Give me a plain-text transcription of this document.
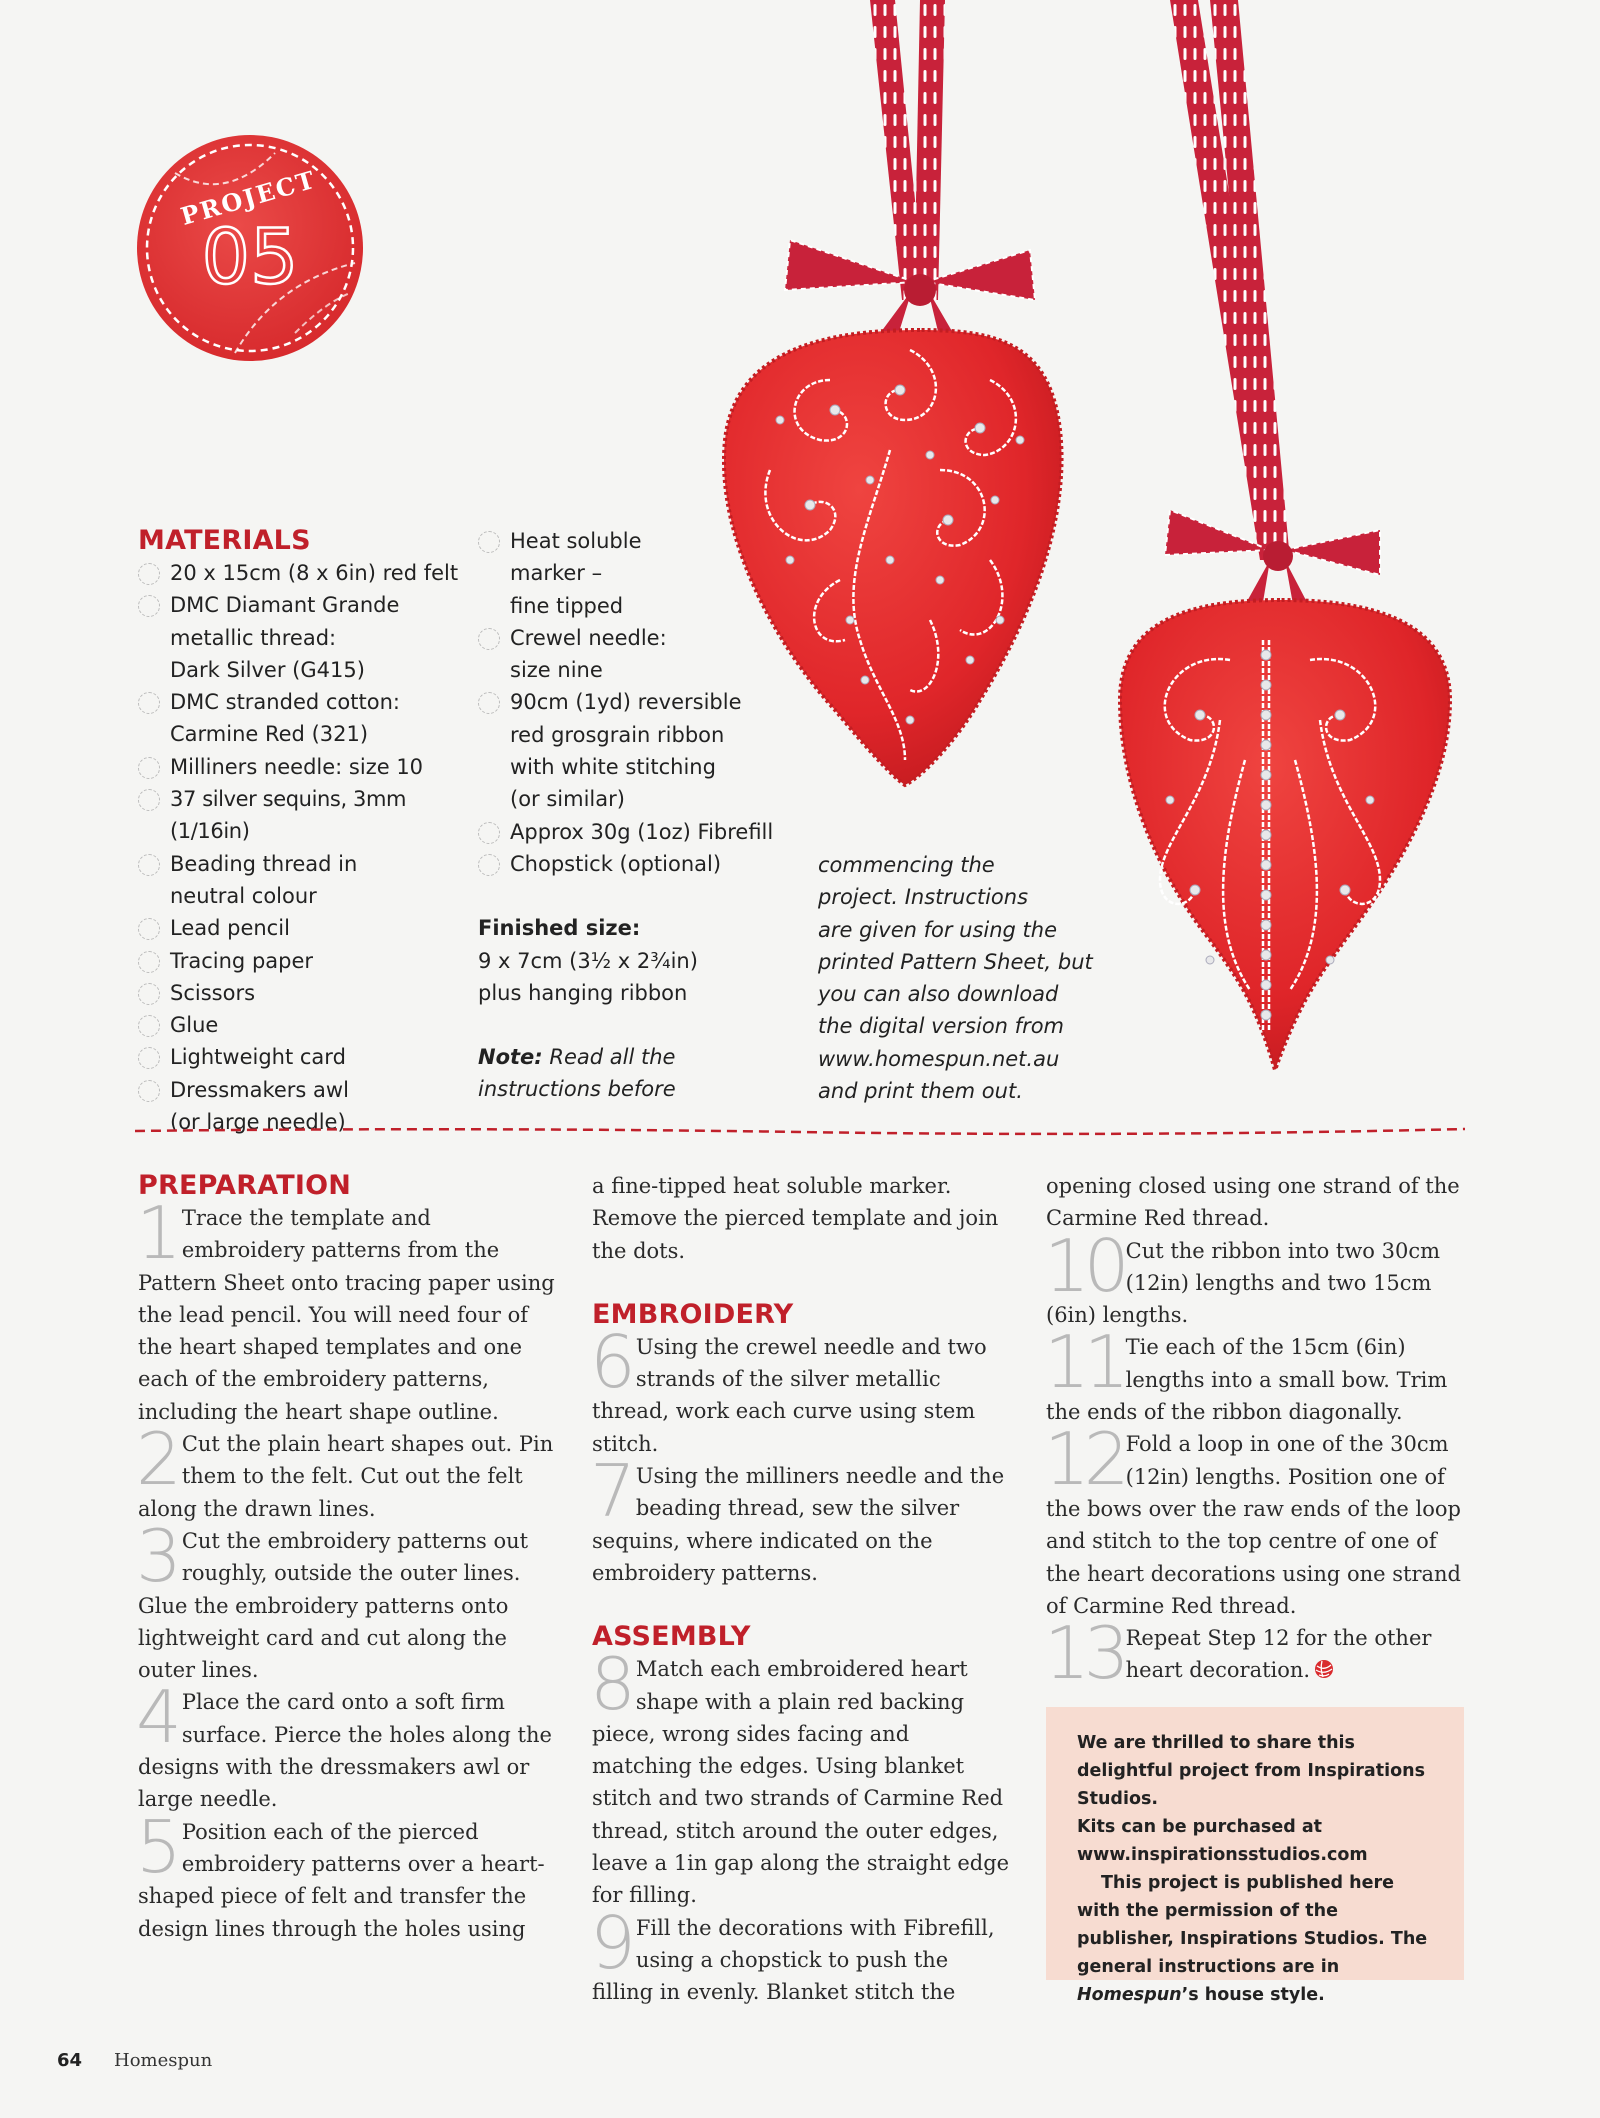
PROJECT
05
MATERIALS
20 x 15cm (8 x 6in) red felt
DMC Diamant Grande
metallic thread:
Dark Silver (G415)
DMC stranded cotton:
Carmine Red (321)
Milliners needle: size 10
37 silver sequins, 3mm (1/16in)
Beading thread in
neutral colour
Lead pencil
Tracing paper
Scissors
Glue
Lightweight card
Dressmakers awl
(or large needle)
Heat soluble
marker –
fine tipped
Crewel needle:
size nine
90cm (1yd) reversible
red grosgrain ribbon
with white stitching
(or similar)
Approx 30g (1oz) Fibrefill
Chopstick (optional)
Finished size:
9 x 7cm (3½ x 2¾in)
plus hanging ribbon
Note: Read all the
instructions before
commencing the
project. Instructions
are given for using the
printed Pattern Sheet, but
you can also download
the digital version from
www.homespun.net.au
and print them out.
PREPARATION
1 Trace the template and embroidery patterns from the Pattern Sheet onto tracing paper using the lead pencil. You will need four of the heart shaped templates and one each of the embroidery patterns, including the heart shape outline.
2 Cut the plain heart shapes out. Pin them to the felt. Cut out the felt along the drawn lines.
3 Cut the embroidery patterns out roughly, outside the outer lines. Glue the embroidery patterns onto lightweight card and cut along the outer lines.
4 Place the card onto a soft firm surface. Pierce the holes along the designs with the dressmakers awl or large needle.
5 Position each of the pierced embroidery patterns over a heart-shaped piece of felt and transfer the design lines through the holes using
a fine-tipped heat soluble marker. Remove the pierced template and join the dots.
EMBROIDERY
6 Using the crewel needle and two strands of the silver metallic thread, work each curve using stem stitch.
7 Using the milliners needle and the beading thread, sew the silver sequins, where indicated on the embroidery patterns.
ASSEMBLY
8 Match each embroidered heart shape with a plain red backing piece, wrong sides facing and matching the edges. Using blanket stitch and two strands of Carmine Red thread, stitch around the outer edges, leave a 1in gap along the straight edge for filling.
9 Fill the decorations with Fibrefill, using a chopstick to push the filling in evenly. Blanket stitch the
opening closed using one strand of the Carmine Red thread.
10 Cut the ribbon into two 30cm (12in) lengths and two 15cm (6in) lengths.
11 Tie each of the 15cm (6in) lengths into a small bow. Trim the ends of the ribbon diagonally.
12 Fold a loop in one of the 30cm (12in) lengths. Position one of the bows over the raw ends of the loop and stitch to the top centre of one of the heart decorations using one strand of Carmine Red thread.
13 Repeat Step 12 for the other heart decoration.

We are thrilled to share this delightful project from Inspirations Studios.

Kits can be purchased at

www.inspirationsstudios.com

This project is published here with the permission of the publisher, Inspirations Studios. The general instructions are in Homespun’s house style.

64 Homespun
